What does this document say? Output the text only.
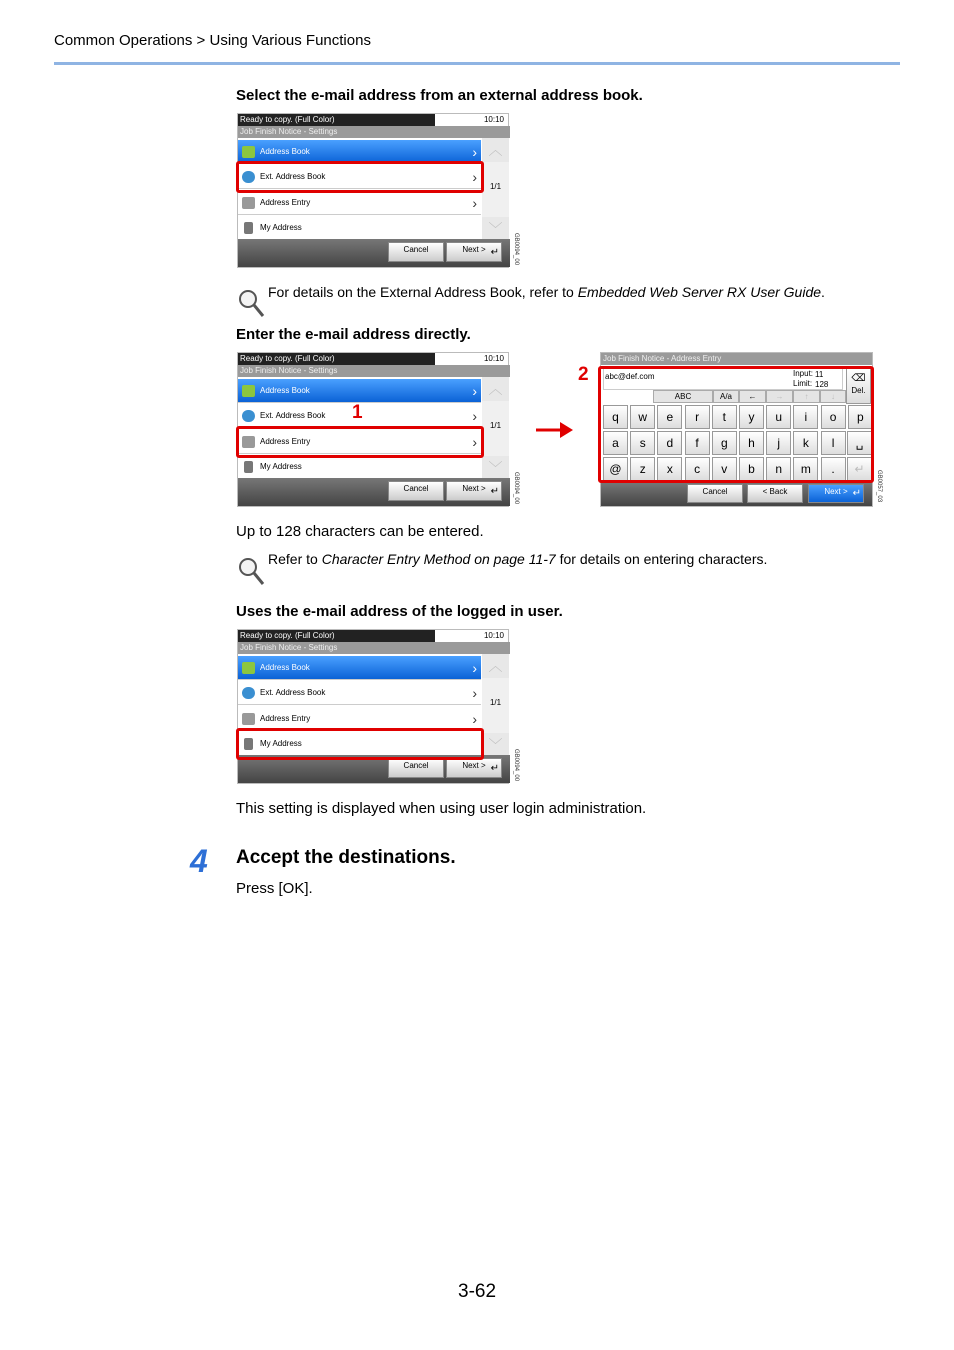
Common Operations > Using Various Functions
Select the e-mail address from an external address book.
Ready to copy. (Full Color)	10:10
Job Finish Notice - Settings
Address Book	›
Ext. Address Book	›
Address Entry	›
My Address
︿
1/1
﹀
Cancel	Next > ↵ GB0094_00
For details on the External Address Book, refer to Embedded Web Server RX User Guide.
Enter the e-mail address directly.
Ready to copy. (Full Color)	10:10
Job Finish Notice - Settings
Address Book	›
Ext. Address Book	›
Address Entry	›
My Address
︿
1/1
﹀
Cancel	Next > ↵ GB0094_00
1
Job Finish Notice - Address Entry
abc@def.com	Input: 11
Limit: 128
⌫
Del.
ABC	A/a	←	→	↑	↓
q	w	e	r	t	y	u	i	o	p
a	s	d	f	g	h	j	k	l
@	z	x	c	v	b	n	m	.
␣
↵
Cancel	< Back	Next > ↵	GB0057_03
2
Up to 128 characters can be entered.
Refer to Character Entry Method on page 11-7 for details on entering characters.
Uses the e-mail address of the logged in user.
Ready to copy. (Full Color)	10:10
Job Finish Notice - Settings
Address Book	›
Ext. Address Book	›
Address Entry	›
My Address
︿
1/1
﹀
Cancel	Next > ↵ GB0094_00
This setting is displayed when using user login administration.
4 Accept the destinations.
Press [OK].
3-62
